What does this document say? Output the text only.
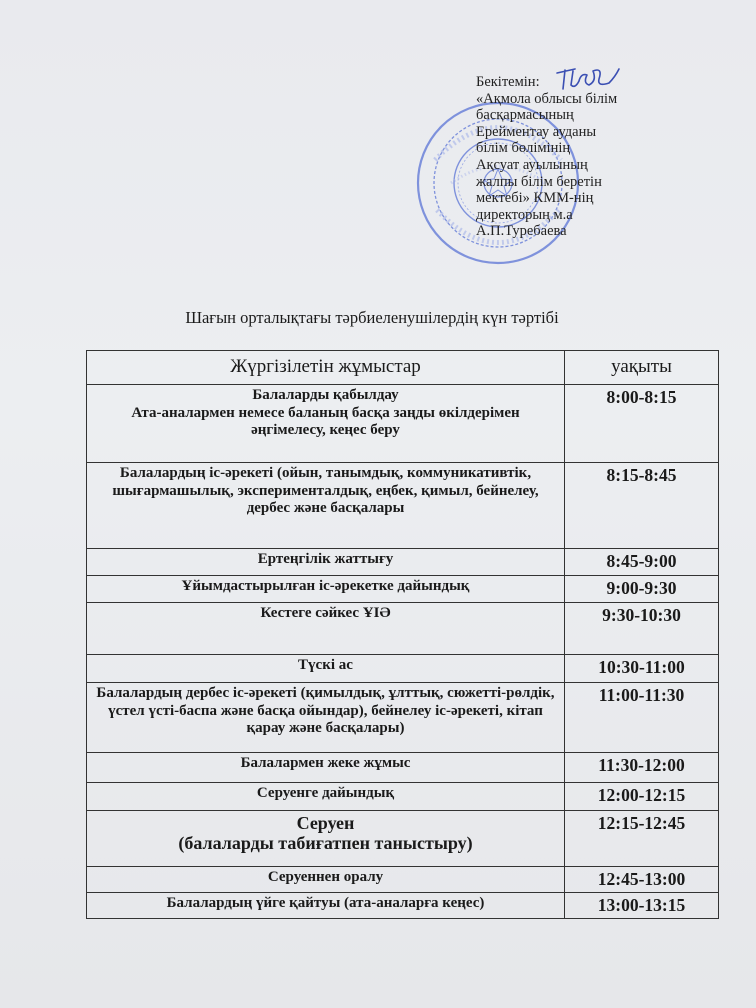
Бекітемін:
«Ақмола облысы білім
басқармасының
Ерейментау ауданы
білім бөлімінің
Ақсуат ауылының
жалпы білім беретін
мектебі» КММ-нің
директорың м.а
А.П.Туребаева
Шағын орталықтағы тәрбиеленушілердің күн тәртібі
Жүргізілетін жұмыстар	уақыты
Балаларды қабылдау
Ата-аналармен немесе баланың басқа заңды өкілдерімен әңгімелесу, кеңес беру	8:00-8:15
Балалардың іс-әрекеті (ойын, танымдық, коммуникативтік, шығармашылық, эксперименталдық, еңбек, қимыл, бейнелеу, дербес және басқалары	8:15-8:45
Ертеңгілік жаттығу	8:45-9:00
Ұйымдастырылған іс-әрекетке дайындық	9:00-9:30
Кестеге сәйкес ҰІӘ	9:30-10:30
Түскі ас	10:30-11:00
Балалардың дербес іс-әрекеті (қимылдық, ұлттық, сюжетті-рөлдік, үстел үсті-баспа және басқа ойындар), бейнелеу іс-әрекеті, кітап қарау және басқалары)	11:00-11:30
Балалармен жеке жұмыс	11:30-12:00
Серуенге дайындық	12:00-12:15
Серуен
(балаларды табиғатпен таныстыру)	12:15-12:45
Серуеннен оралу	12:45-13:00
Балалардың үйге қайтуы (ата-аналарға кеңес)	13:00-13:15
